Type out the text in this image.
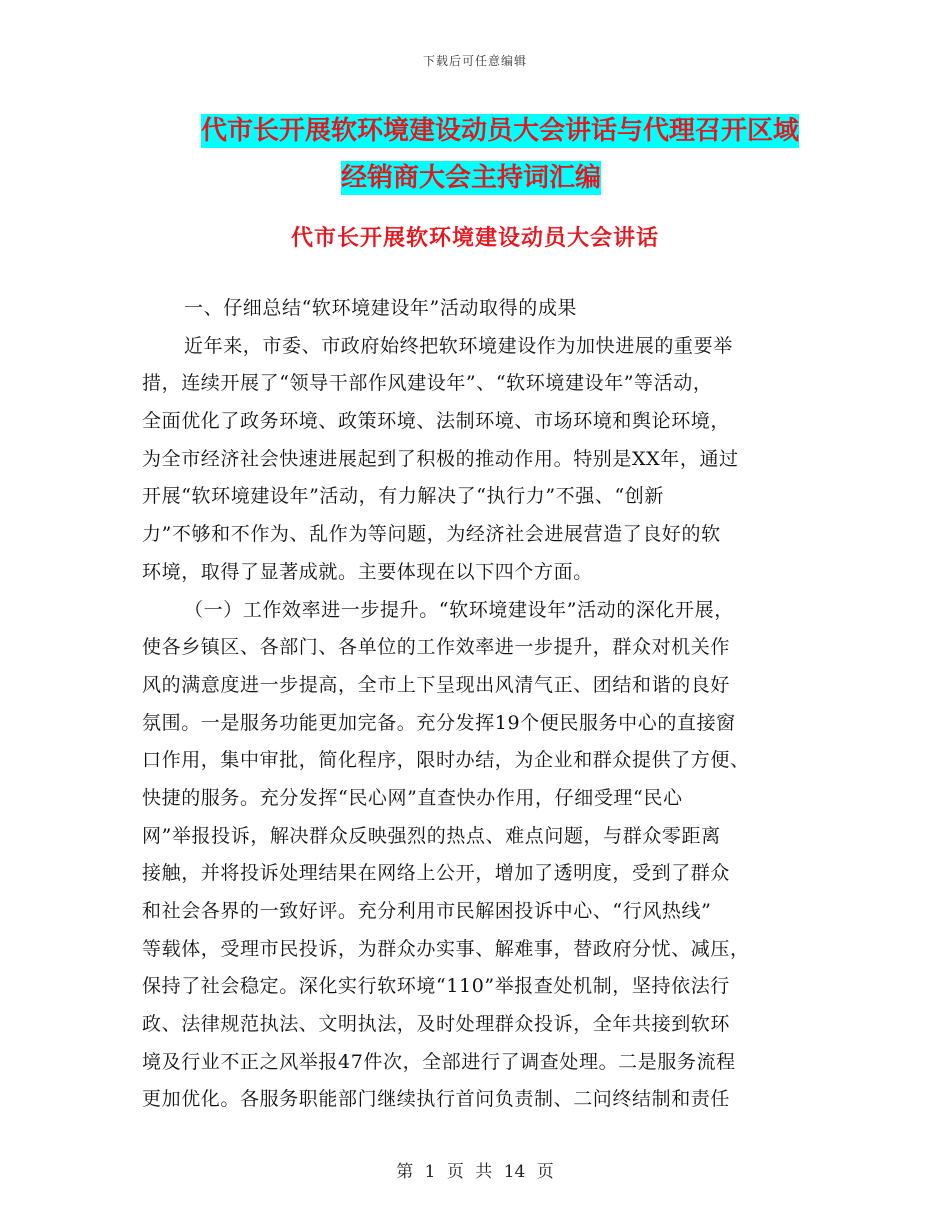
下载后可任意编辑
代市长开展软环境建设动员大会讲话与代理召开区域
经销商大会主持词汇编
代市长开展软环境建设动员大会讲话
一、仔细总结“软环境建设年”活动取得的成果
近年来，市委、市政府始终把软环境建设作为加快进展的重要举
措，连续开展了“领导干部作风建设年”、“软环境建设年”等活动，
全面优化了政务环境、政策环境、法制环境、市场环境和舆论环境，
为全市经济社会快速进展起到了积极的推动作用。特别是XX年，通过
开展“软环境建设年”活动，有力解决了“执行力”不强、“创新
力”不够和不作为、乱作为等问题，为经济社会进展营造了良好的软
环境，取得了显著成就。主要体现在以下四个方面。
（一）工作效率进一步提升。“软环境建设年”活动的深化开展，
使各乡镇区、各部门、各单位的工作效率进一步提升，群众对机关作
风的满意度进一步提高，全市上下呈现出风清气正、团结和谐的良好
氛围。一是服务功能更加完备。充分发挥19个便民服务中心的直接窗
口作用，集中审批，简化程序，限时办结，为企业和群众提供了方便、
快捷的服务。充分发挥“民心网”直查快办作用，仔细受理“民心
网”举报投诉，解决群众反映强烈的热点、难点问题，与群众零距离
接触，并将投诉处理结果在网络上公开，增加了透明度，受到了群众
和社会各界的一致好评。充分利用市民解困投诉中心、“行风热线”
等载体，受理市民投诉，为群众办实事、解难事，替政府分忧、减压，
保持了社会稳定。深化实行软环境“110”举报查处机制，坚持依法行
政、法律规范执法、文明执法，及时处理群众投诉，全年共接到软环
境及行业不正之风举报47件次，全部进行了调查处理。二是服务流程
更加优化。各服务职能部门继续执行首问负责制、二问终结制和责任
第 1 页 共 14 页
